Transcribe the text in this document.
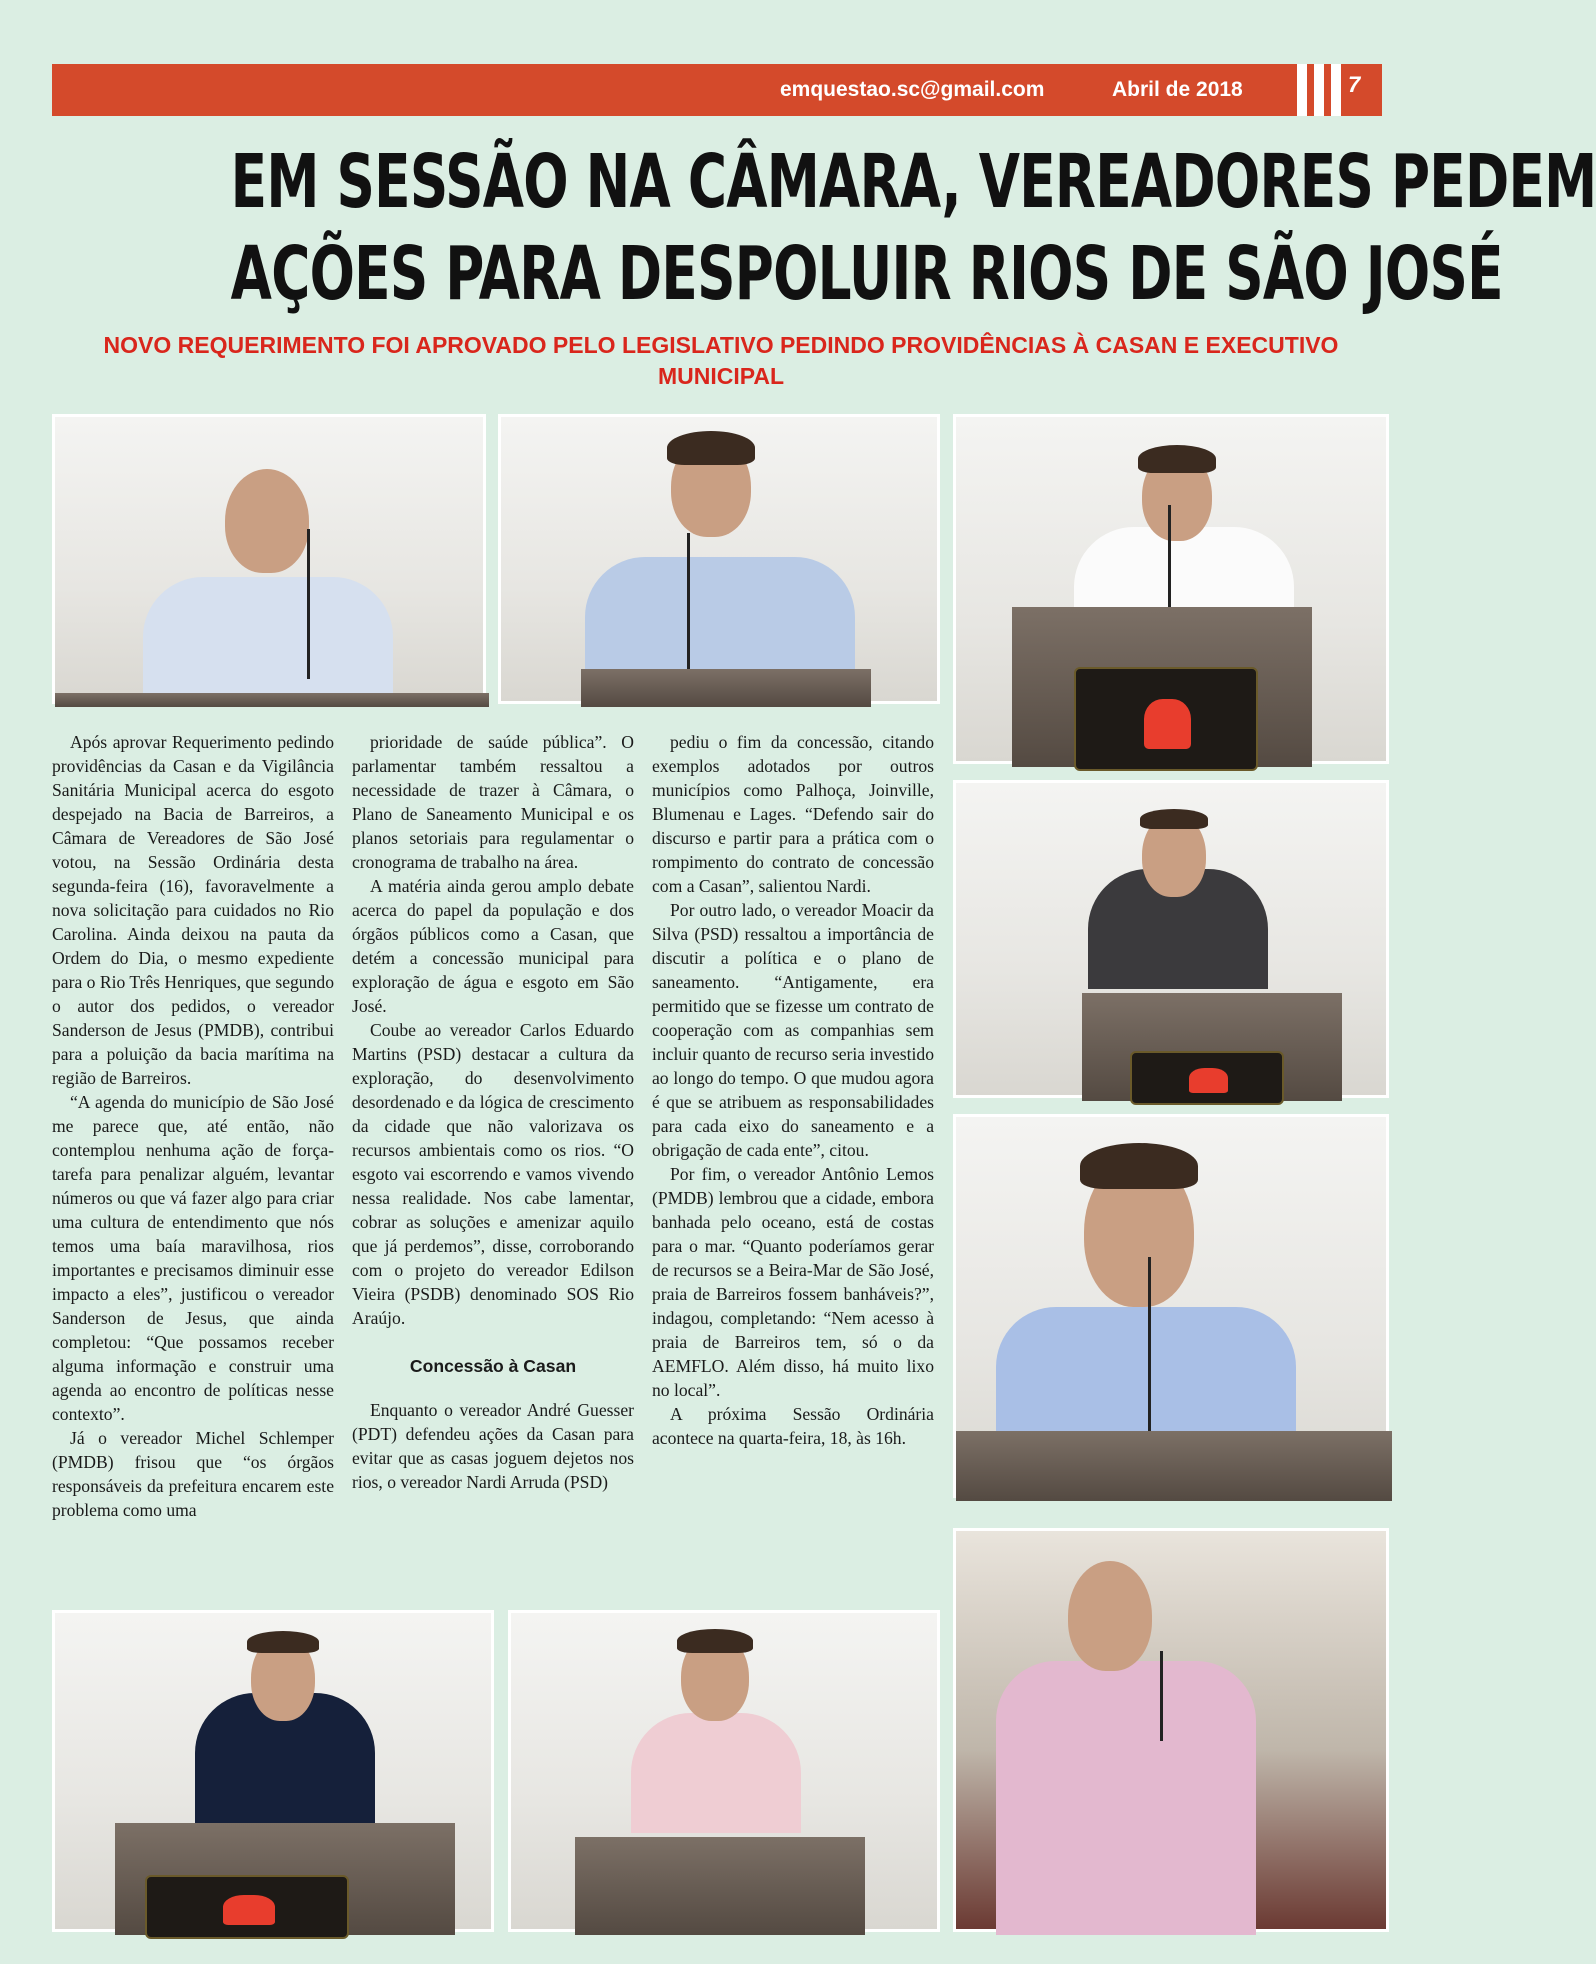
emquestao.sc@gmail.com	Abril de 2018	7
EM SESSÃO NA CÂMARA, VEREADORES PEDEM
AÇÕES PARA DESPOLUIR RIOS DE SÃO JOSÉ

NOVO REQUERIMENTO FOI APROVADO PELO LEGISLATIVO PEDINDO PROVIDÊNCIAS À CASAN E EXECUTIVO MUNICIPAL

Após aprovar Requerimento pedindo providências da Casan e da Vigilância Sanitária Municipal acerca do esgoto despejado na Bacia de Barreiros, a Câmara de Vereadores de São José votou, na Sessão Ordinária desta segunda-feira (16), favoravelmente a nova solicitação para cuidados no Rio Carolina. Ainda deixou na pauta da Ordem do Dia, o mesmo expediente para o Rio Três Henriques, que segundo o autor dos pedidos, o vereador Sanderson de Jesus (PMDB), contribui para a poluição da bacia marítima na região de Barreiros.

“A agenda do município de São José me parece que, até então, não contemplou nenhuma ação de força-tarefa para penalizar alguém, levantar números ou que vá fazer algo para criar uma cultura de entendimento que nós temos uma baía maravilhosa, rios importantes e precisamos diminuir esse impacto a eles”, justificou o vereador Sanderson de Jesus, que ainda completou: “Que possamos receber alguma informação e construir uma agenda ao encontro de políticas nesse contexto”.

Já o vereador Michel Schlemper (PMDB) frisou que “os órgãos responsáveis da prefeitura encarem este problema como uma

prioridade de saúde pública”. O parlamentar também ressaltou a necessidade de trazer à Câmara, o Plano de Saneamento Municipal e os planos setoriais para regulamentar o cronograma de trabalho na área.

A matéria ainda gerou amplo debate acerca do papel da população e dos órgãos públicos como a Casan, que detém a concessão municipal para exploração de água e esgoto em São José.

Coube ao vereador Carlos Eduardo Martins (PSD) destacar a cultura da exploração, do desenvolvimento desordenado e da lógica de crescimento da cidade que não valorizava os recursos ambientais como os rios. “O esgoto vai escorrendo e vamos vivendo nessa realidade. Nos cabe lamentar, cobrar as soluções e amenizar aquilo que já perdemos”, disse, corroborando com o projeto do vereador Edilson Vieira (PSDB) denominado SOS Rio Araújo.

Concessão à Casan

Enquanto o vereador André Guesser (PDT) defendeu ações da Casan para evitar que as casas joguem dejetos nos rios, o vereador Nardi Arruda (PSD)

pediu o fim da concessão, citando exemplos adotados por outros municípios como Palhoça, Joinville, Blumenau e Lages. “Defendo sair do discurso e partir para a prática com o rompimento do contrato de concessão com a Casan”, salientou Nardi.

Por outro lado, o vereador Moacir da Silva (PSD) ressaltou a importância de discutir a política e o plano de saneamento. “Antigamente, era permitido que se fizesse um contrato de cooperação com as companhias sem incluir quanto de recurso seria investido ao longo do tempo. O que mudou agora é que se atribuem as responsabilidades para cada eixo do saneamento e a obrigação de cada ente”, citou.

Por fim, o vereador Antônio Lemos (PMDB) lembrou que a cidade, embora banhada pelo oceano, está de costas para o mar. “Quanto poderíamos gerar de recursos se a Beira-Mar de São José, praia de Barreiros fossem banháveis?”, indagou, completando: “Nem acesso à praia de Barreiros tem, só o da AEMFLO. Além disso, há muito lixo no local”.

A próxima Sessão Ordinária acontece na quarta-feira, 18, às 16h.
